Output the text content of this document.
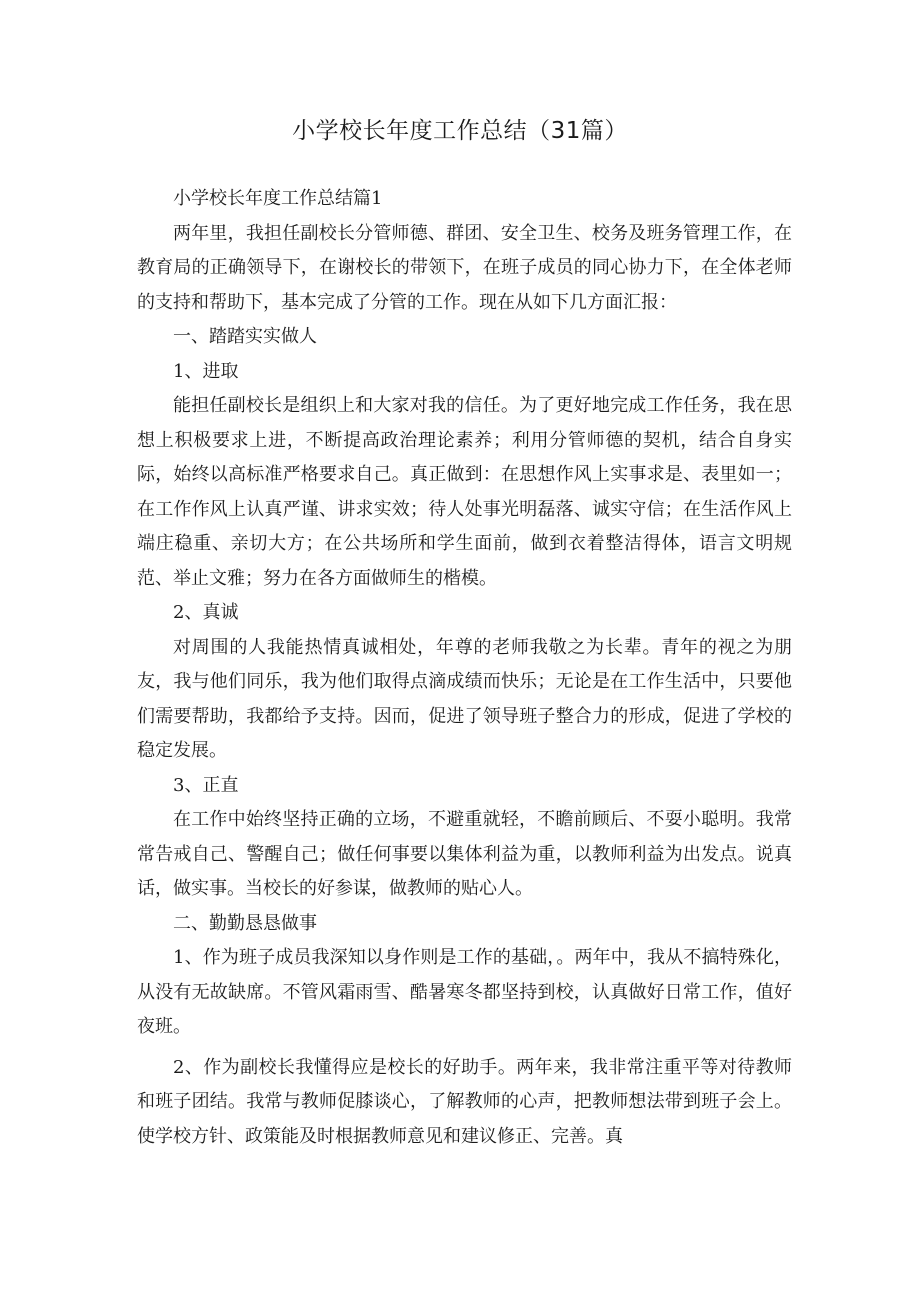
小学校长年度工作总结（31篇）

小学校长年度工作总结篇1

两年里，我担任副校长分管师德、群团、安全卫生、校务及班务管理工作，在教育局的正确领导下，在谢校长的带领下，在班子成员的同心协力下，在全体老师的支持和帮助下，基本完成了分管的工作。现在从如下几方面汇报：

一、踏踏实实做人

1、进取

能担任副校长是组织上和大家对我的信任。为了更好地完成工作任务，我在思想上积极要求上进，不断提高政治理论素养；利用分管师德的契机，结合自身实际，始终以高标准严格要求自己。真正做到：在思想作风上实事求是、表里如一；在工作作风上认真严谨、讲求实效；待人处事光明磊落、诚实守信；在生活作风上端庄稳重、亲切大方；在公共场所和学生面前，做到衣着整洁得体，语言文明规范、举止文雅；努力在各方面做师生的楷模。

2、真诚

对周围的人我能热情真诚相处，年尊的老师我敬之为长辈。青年的视之为朋友，我与他们同乐，我为他们取得点滴成绩而快乐；无论是在工作生活中，只要他们需要帮助，我都给予支持。因而，促进了领导班子整合力的形成，促进了学校的稳定发展。

3、正直

在工作中始终坚持正确的立场，不避重就轻，不瞻前顾后、不耍小聪明。我常常告戒自己、警醒自己；做任何事要以集体利益为重，以教师利益为出发点。说真话，做实事。当校长的好参谋，做教师的贴心人。

二、勤勤恳恳做事

1、作为班子成员我深知以身作则是工作的基础，。两年中，我从不搞特殊化，从没有无故缺席。不管风霜雨雪、酷暑寒冬都坚持到校，认真做好日常工作，值好夜班。

2、作为副校长我懂得应是校长的好助手。两年来，我非常注重平等对待教师和班子团结。我常与教师促膝谈心，了解教师的心声，把教师想法带到班子会上。使学校方针、政策能及时根据教师意见和建议修正、完善。真
